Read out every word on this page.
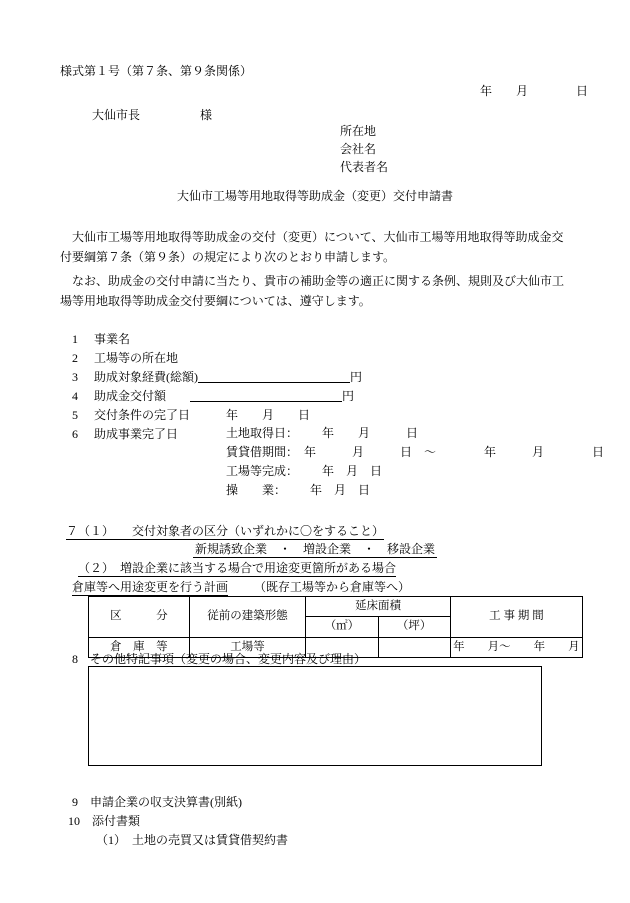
様式第１号（第７条、第９条関係）
年　　月　　　　日
大仙市長	様
所在地
会社名
代表者名
大仙市工場等用地取得等助成金（変更）交付申請書
大仙市工場等用地取得等助成金の交付（変更）について、大仙市工場等用地取得等助成金交付要綱第７条（第９条）の規定により次のとおり申請します。
なお、助成金の交付申請に当たり、貴市の補助金等の適正に関する条例、規則及び大仙市工場等用地取得等助成金交付要綱については、遵守します。
1 事業名
2 工場等の所在地
3 助成対象経費(総額)	円
4 助成金交付額	円
5 交付条件の完了日	年　　月　　日
6 助成事業完了日	土地取得日： 年　　月　　　日
賃貸借期間： 年　　　月　　　日　～　　　　年　　　月　　　　日
工場等完成： 年　月　日
操　　業： 年　月　日
７（１）　　交付対象者の区分（いずれかに〇をすること）
新規誘致企業　・　増設企業　・　移設企業
（２）　増設企業に該当する場合で用途変更箇所がある場合
倉庫等へ用途変更を行う計画 （既存工場等から倉庫等へ）
区　　　分	従前の建築形態	延床面積		工 事 期 間
		（㎡）	（坪）	
倉　庫　等	工場等			年　　月～　　年　　月
8　その他特記事項（変更の場合、変更内容及び理由）
9　申請企業の収支決算書(別紙)
10　添付書類
（1）　土地の売買又は賃貸借契約書
